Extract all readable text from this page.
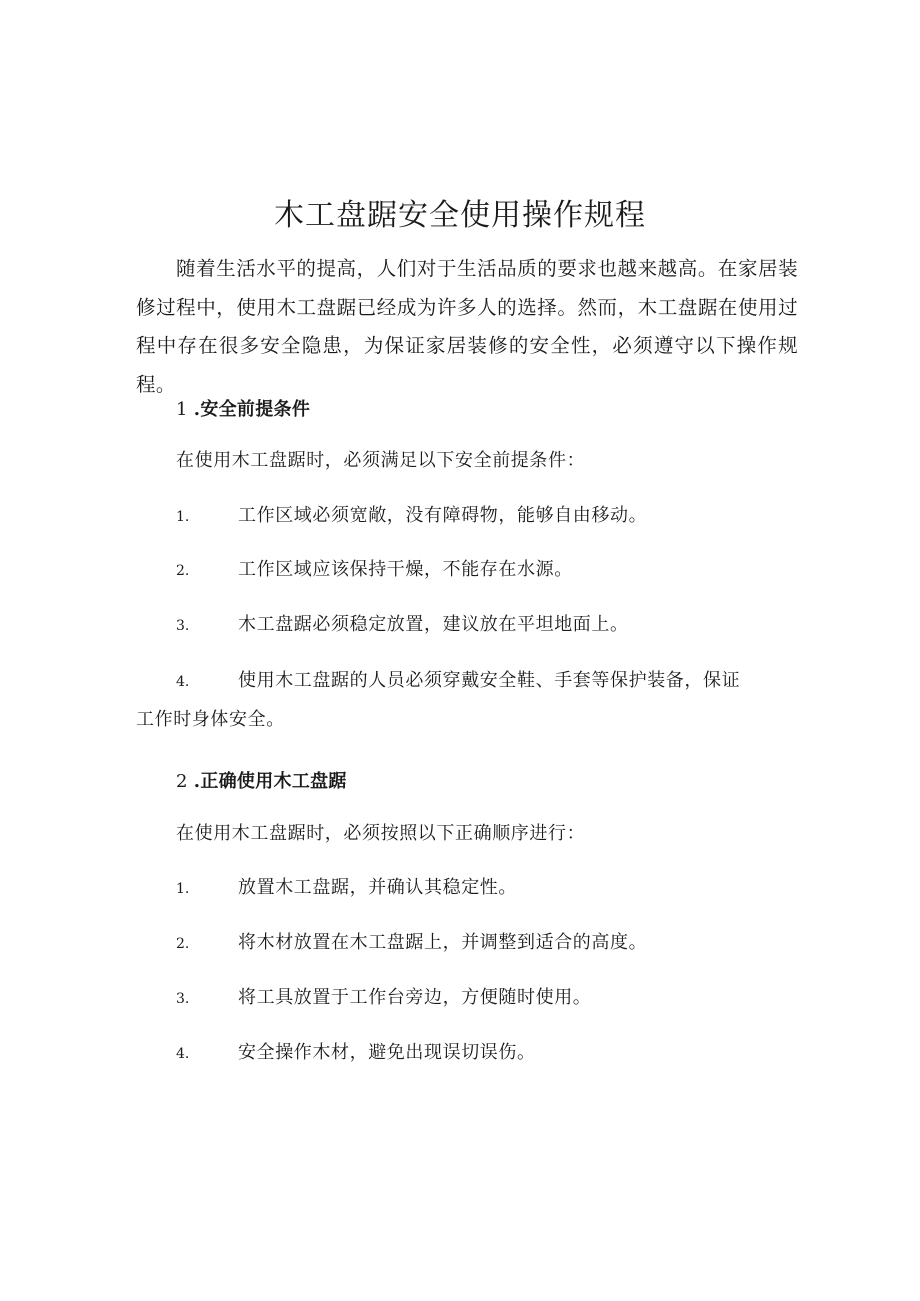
木工盘踞安全使用操作规程

随着生活水平的提高，人们对于生活品质的要求也越来越高。在家居装修过程中，使用木工盘踞已经成为许多人的选择。然而，木工盘踞在使用过程中存在很多安全隐患，为保证家居装修的安全性，必须遵守以下操作规程。

1 .安全前提条件

在使用木工盘踞时，必须满足以下安全前提条件：

1.	工作区域必须宽敞，没有障碍物，能够自由移动。

2.	工作区域应该保持干燥，不能存在水源。

3.	木工盘踞必须稳定放置，建议放在平坦地面上。

4.	使用木工盘踞的人员必须穿戴安全鞋、手套等保护装备，保证工作时身体安全。

2 .正确使用木工盘踞

在使用木工盘踞时，必须按照以下正确顺序进行：

1.	放置木工盘踞，并确认其稳定性。

2.	将木材放置在木工盘踞上，并调整到适合的高度。

3.	将工具放置于工作台旁边，方便随时使用。

4.	安全操作木材，避免出现误切误伤。
